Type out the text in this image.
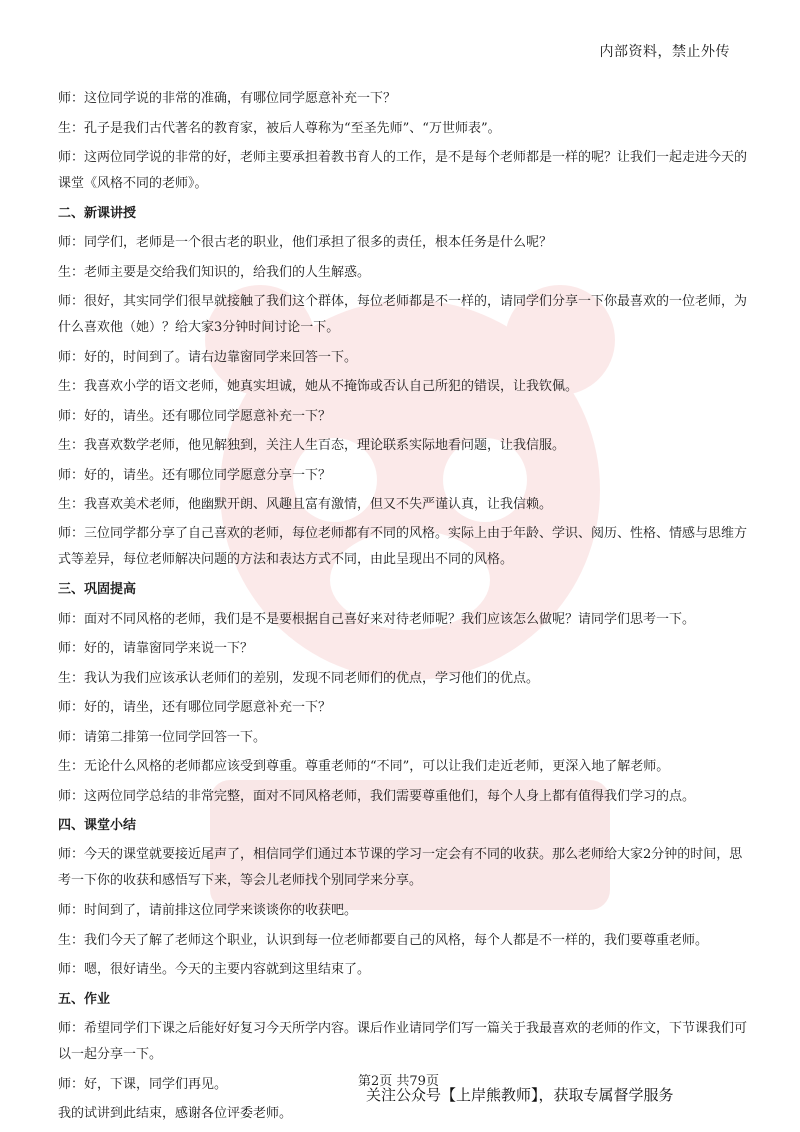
内部资料，禁止外传
师：这位同学说的非常的准确，有哪位同学愿意补充一下？
生：孔子是我们古代著名的教育家，被后人尊称为“至圣先师”、“万世师表”。
师：这两位同学说的非常的好，老师主要承担着教书育人的工作，是不是每个老师都是一样的呢？让我们一起走进今天的课堂《风格不同的老师》。
二、新课讲授
师：同学们，老师是一个很古老的职业，他们承担了很多的责任，根本任务是什么呢？
生：老师主要是交给我们知识的，给我们的人生解惑。
师：很好，其实同学们很早就接触了我们这个群体，每位老师都是不一样的，请同学们分享一下你最喜欢的一位老师，为什么喜欢他（她）？给大家3分钟时间讨论一下。
师：好的，时间到了。请右边靠窗同学来回答一下。
生：我喜欢小学的语文老师，她真实坦诚，她从不掩饰或否认自己所犯的错误，让我钦佩。
师：好的，请坐。还有哪位同学愿意补充一下？
生：我喜欢数学老师，他见解独到，关注人生百态，理论联系实际地看问题，让我信服。
师：好的，请坐。还有哪位同学愿意分享一下？
生：我喜欢美术老师，他幽默开朗、风趣且富有激情，但又不失严谨认真，让我信赖。
师：三位同学都分享了自己喜欢的老师，每位老师都有不同的风格。实际上由于年龄、学识、阅历、性格、情感与思维方式等差异，每位老师解决问题的方法和表达方式不同，由此呈现出不同的风格。
三、巩固提高
师：面对不同风格的老师，我们是不是要根据自己喜好来对待老师呢？我们应该怎么做呢？请同学们思考一下。
师：好的，请靠窗同学来说一下？
生：我认为我们应该承认老师们的差别，发现不同老师们的优点，学习他们的优点。
师：好的，请坐，还有哪位同学愿意补充一下？
师：请第二排第一位同学回答一下。
生：无论什么风格的老师都应该受到尊重。尊重老师的“不同”，可以让我们走近老师，更深入地了解老师。
师：这两位同学总结的非常完整，面对不同风格老师，我们需要尊重他们，每个人身上都有值得我们学习的点。
四、课堂小结
师：今天的课堂就要接近尾声了，相信同学们通过本节课的学习一定会有不同的收获。那么老师给大家2分钟的时间，思考一下你的收获和感悟写下来，等会儿老师找个别同学来分享。
师：时间到了，请前排这位同学来谈谈你的收获吧。
生：我们今天了解了老师这个职业，认识到每一位老师都要自己的风格，每个人都是不一样的，我们要尊重老师。
师：嗯，很好请坐。今天的主要内容就到这里结束了。
五、作业
师：希望同学们下课之后能好好复习今天所学内容。课后作业请同学们写一篇关于我最喜欢的老师的作文，下节课我们可以一起分享一下。
师：好，下课，同学们再见。
我的试讲到此结束，感谢各位评委老师。
第2页 共79页
关注公众号【上岸熊教师】，获取专属督学服务
